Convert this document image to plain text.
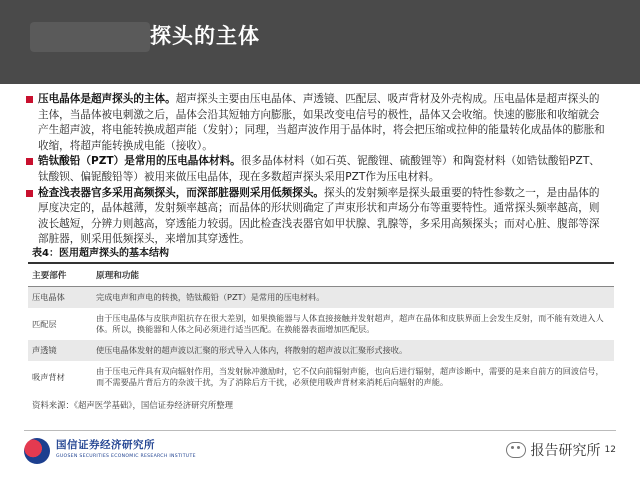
探头的主体

压电晶体是超声探头的主体。超声探头主要由压电晶体、声透镜、匹配层、吸声背材及外壳构成。压电晶体是超声探头的主体，当晶体被电刺激之后，晶体会沿其短轴方向膨胀，如果改变电信号的极性，晶体又会收缩。快速的膨胀和收缩就会产生超声波，将电能转换成超声能（发射）；同理，当超声波作用于晶体时，将会把压缩或拉伸的能量转化成晶体的膨胀和收缩，将超声能转换成电能（接收）。

锆钛酸铅（PZT）是常用的压电晶体材料。很多晶体材料（如石英、铌酸锂、硫酸锂等）和陶瓷材料（如锆钛酸铅PZT、钛酸钡、偏铌酸铅等）被用来做压电晶体，现在多数超声探头采用PZT作为压电材料。

检查浅表器官多采用高频探头，而深部脏器则采用低频探头。探头的发射频率是探头最重要的特性参数之一，是由晶体的厚度决定的，晶体越薄，发射频率越高；而晶体的形状则确定了声束形状和声场分布等重要特性。通常探头频率越高，则波长越短，分辨力则越高，穿透能力较弱。因此检查浅表器官如甲状腺、乳腺等，多采用高频探头；而对心脏、腹部等深部脏器，则采用低频探头，来增加其穿透性。

表4：医用超声探头的基本结构
主要部件	原理和功能
压电晶体	完成电声和声电的转换，锆钛酸铅（PZT）是常用的压电材料。
匹配层	由于压电晶体与皮肤声阻抗存在很大差别，如果换能器与人体直接接触并发射超声，超声在晶体和皮肤界面上会发生反射，而不能有效进入人体。所以，换能器和人体之间必须进行适当匹配。在换能器表面增加匹配层。
声透镜	使压电晶体发射的超声波以汇聚的形式导入人体内，将散射的超声波以汇聚形式接收。
吸声背材	由于压电元件具有双向辐射作用，当发射脉冲激励时，它不仅向前辐射声能，也向后进行辐射，超声诊断中，需要的是来自前方的回波信号，而不需要晶片背后方的杂波干扰，为了消除后方干扰，必须使用吸声背材来消耗后向辐射的声能。
资料来源：《超声医学基础》，国信证券经济研究所整理
国信证券经济研究所
GUOSEN SECURITIES ECONOMIC RESEARCH INSTITUTE	报告研究所 12
